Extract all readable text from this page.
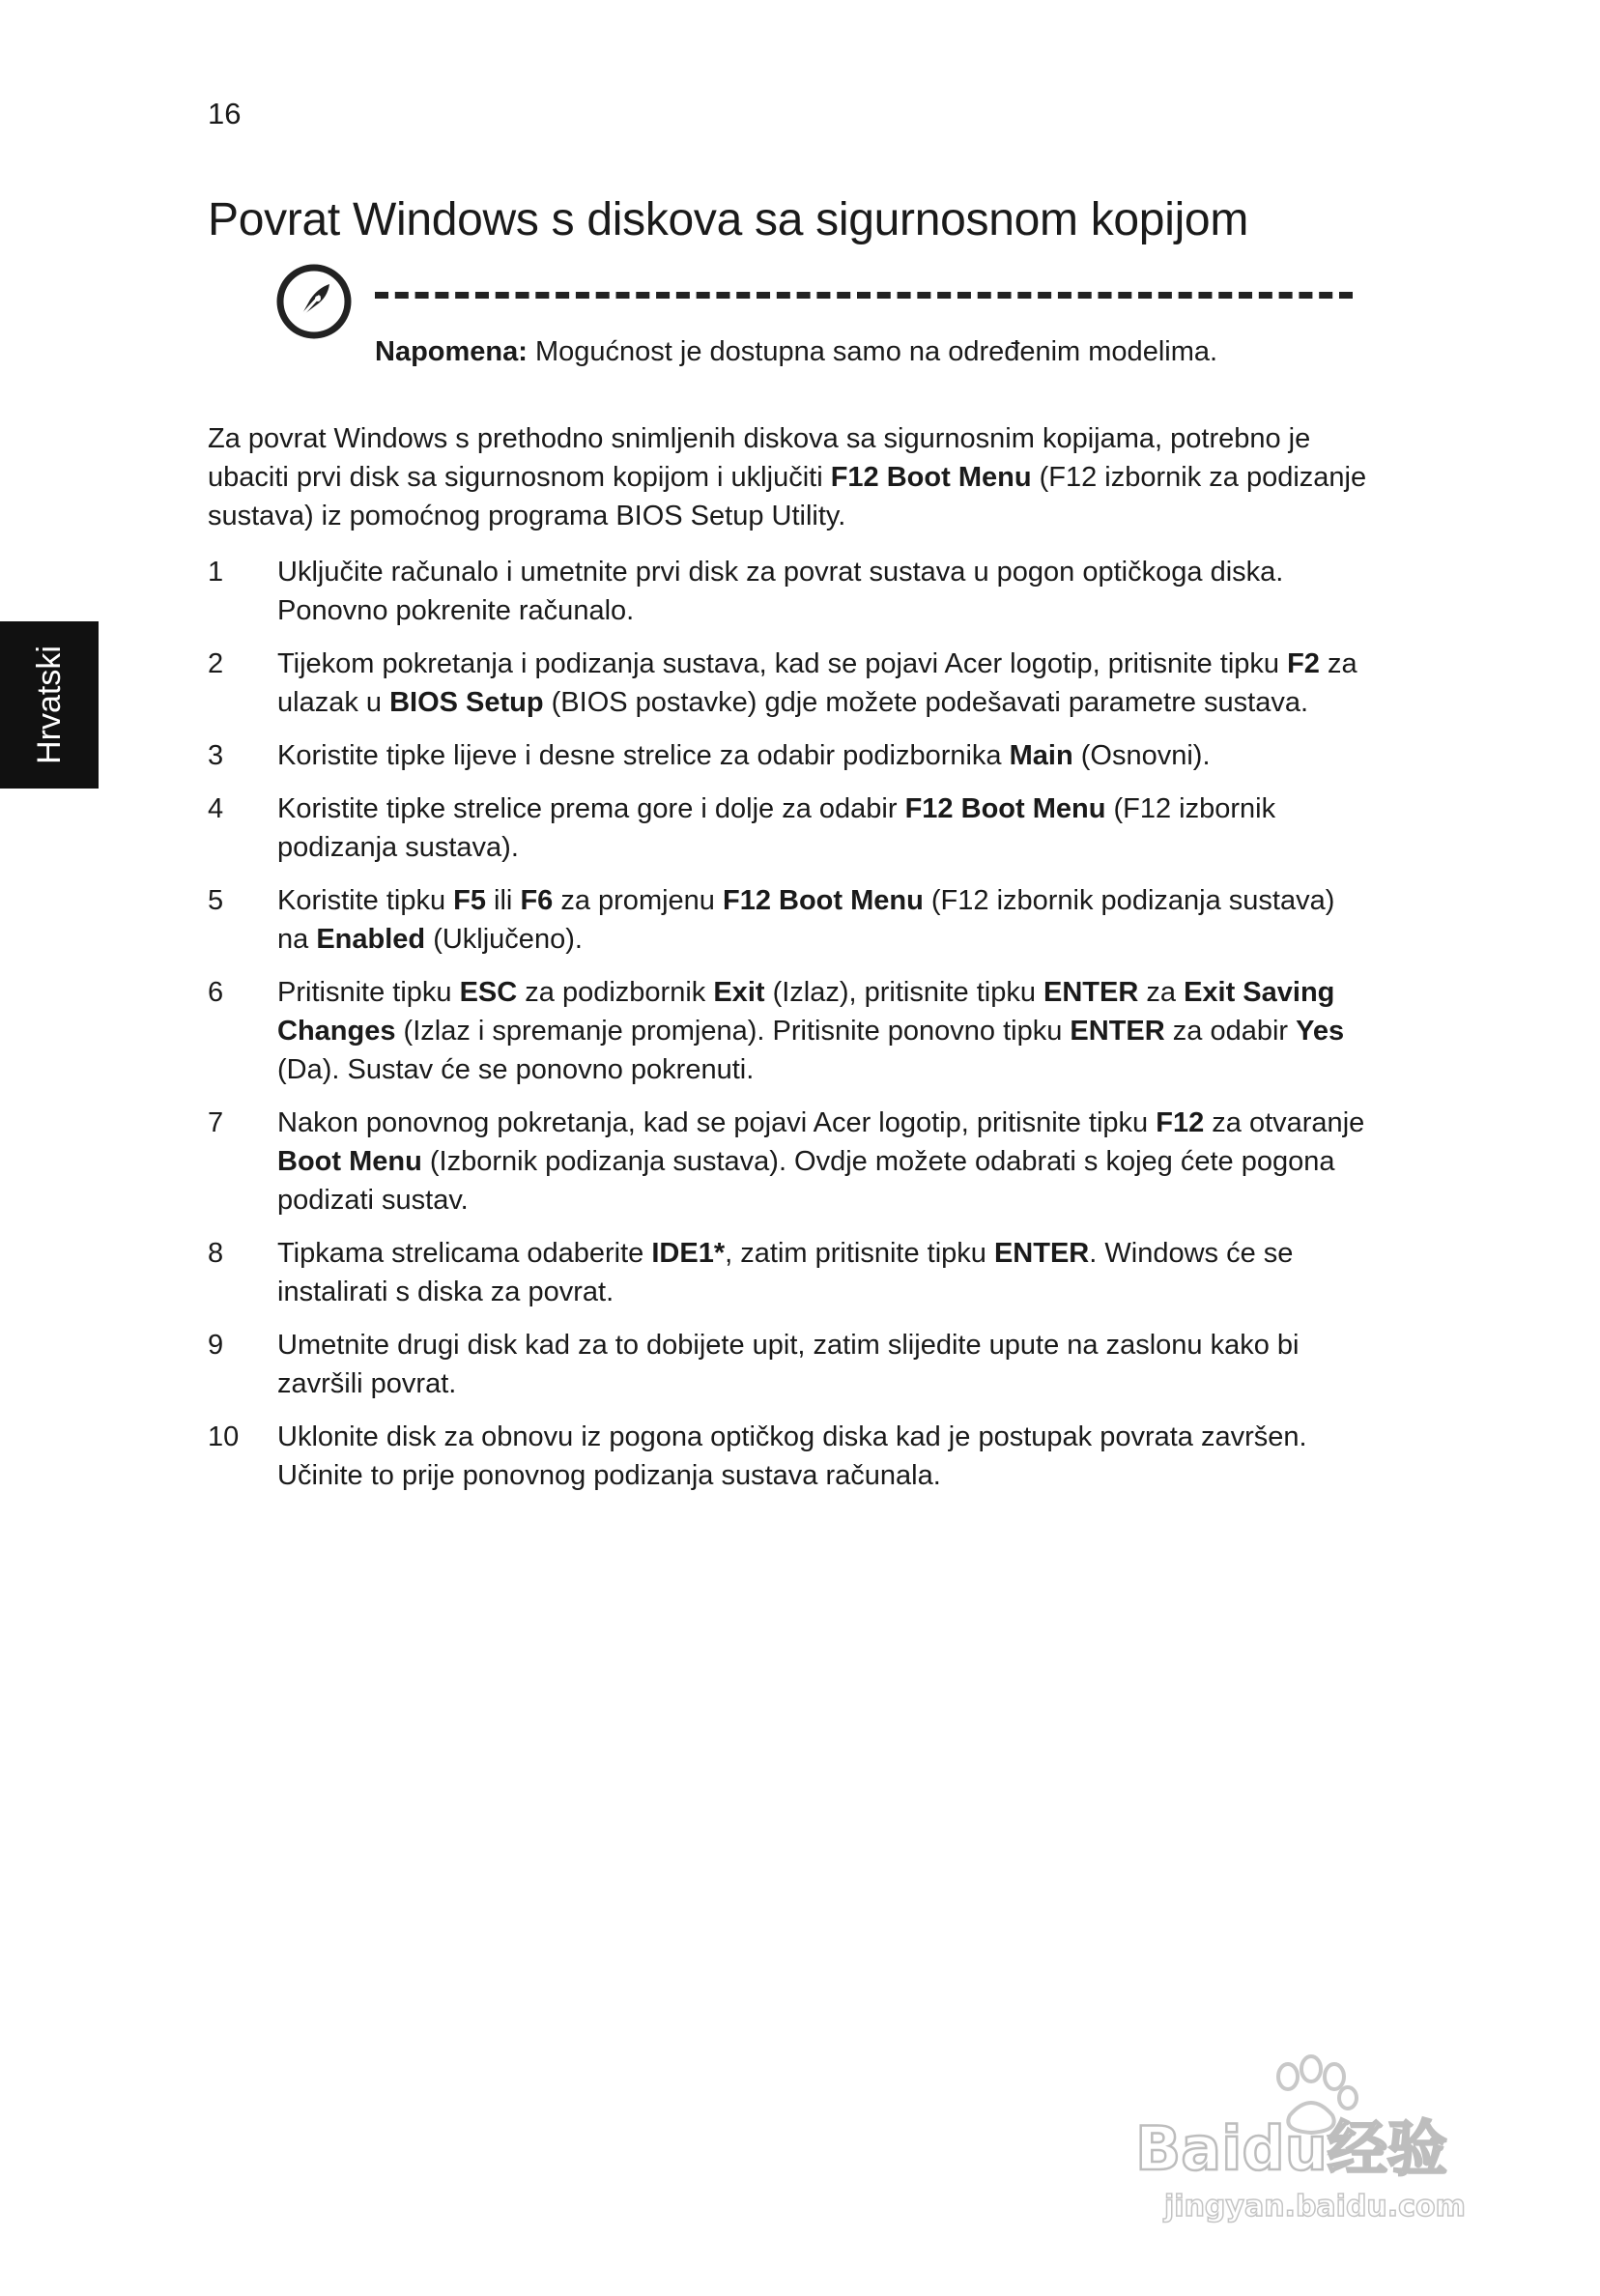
16
Povrat Windows s diskova sa sigurnosnom kopijom
Hrvatski
Napomena: Mogućnost je dostupna samo na određenim modelima.

Za povrat Windows s prethodno snimljenih diskova sa sigurnosnim kopijama, potrebno je ubaciti prvi disk sa sigurnosnom kopijom i uključiti F12 Boot Menu (F12 izbornik za podizanje sustava) iz pomoćnog programa BIOS Setup Utility.

1 Uključite računalo i umetnite prvi disk za povrat sustava u pogon optičkoga diska. Ponovno pokrenite računalo.
2 Tijekom pokretanja i podizanja sustava, kad se pojavi Acer logotip, pritisnite tipku F2 za ulazak u BIOS Setup (BIOS postavke) gdje možete podešavati parametre sustava.
3 Koristite tipke lijeve i desne strelice za odabir podizbornika Main (Osnovni).
4 Koristite tipke strelice prema gore i dolje za odabir F12 Boot Menu (F12 izbornik podizanja sustava).
5 Koristite tipku F5 ili F6 za promjenu F12 Boot Menu (F12 izbornik podizanja sustava) na Enabled (Uključeno).
6 Pritisnite tipku ESC za podizbornik Exit (Izlaz), pritisnite tipku ENTER za Exit Saving Changes (Izlaz i spremanje promjena). Pritisnite ponovno tipku ENTER za odabir Yes (Da). Sustav će se ponovno pokrenuti.
7 Nakon ponovnog pokretanja, kad se pojavi Acer logotip, pritisnite tipku F12 za otvaranje Boot Menu (Izbornik podizanja sustava). Ovdje možete odabrati s kojeg ćete pogona podizati sustav.
8 Tipkama strelicama odaberite IDE1*, zatim pritisnite tipku ENTER. Windows će se instalirati s diska za povrat.
9 Umetnite drugi disk kad za to dobijete upit, zatim slijedite upute na zaslonu kako bi završili povrat.
10 Uklonite disk za obnovu iz pogona optičkog diska kad je postupak povrata završen. Učinite to prije ponovnog podizanja sustava računala.
Baidu经验
jingyan.baidu.com
